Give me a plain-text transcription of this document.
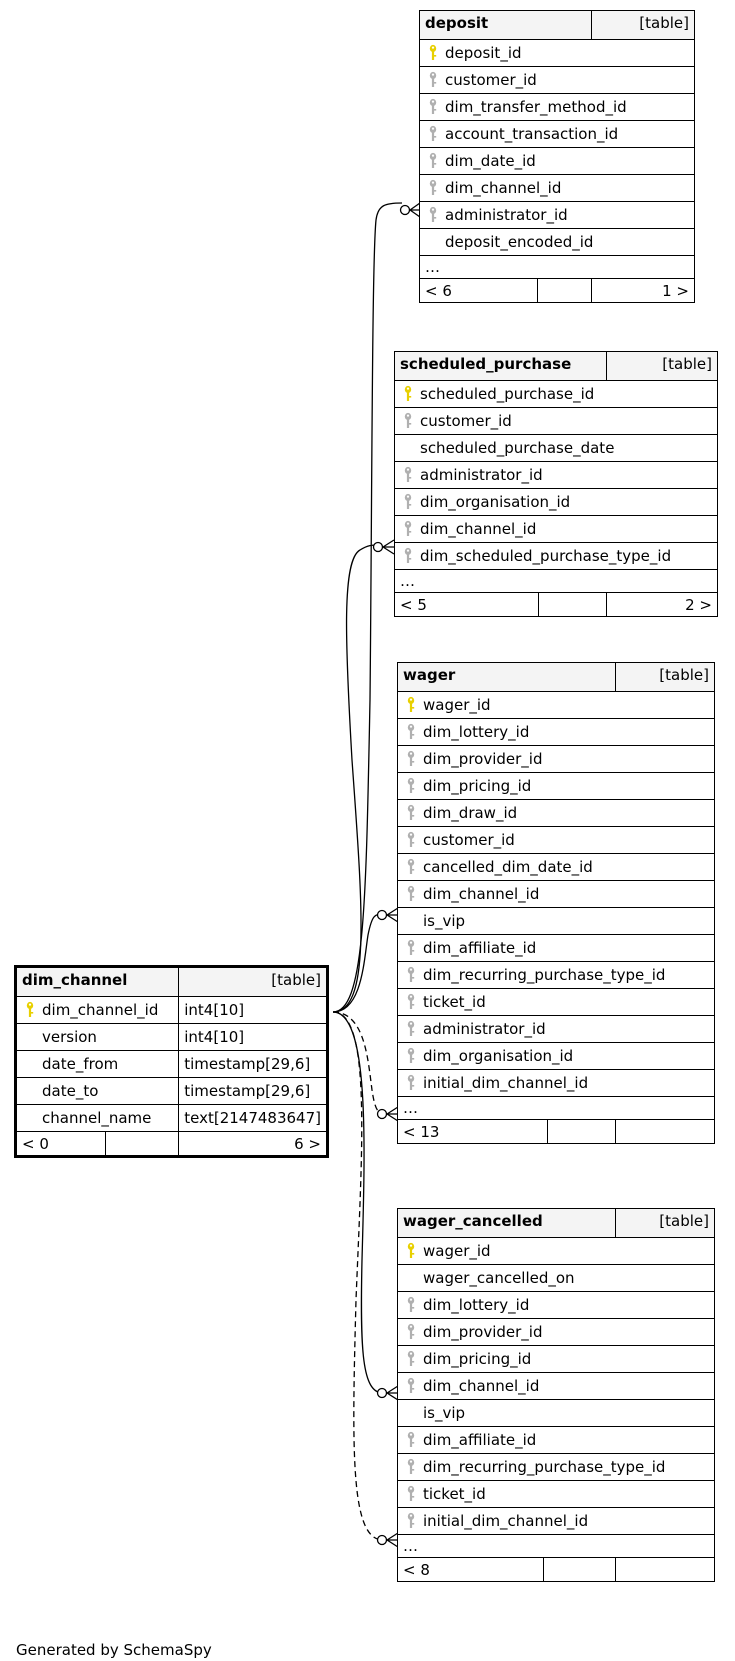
deposit		[table]

deposit_id		

customer_id		

dim_transfer_method_id		

account_transaction_id		

dim_date_id		

dim_channel_id		

administrator_id		
deposit_encoded_id		
…		
< 6		1 >
scheduled_purchase		[table]

scheduled_purchase_id		

customer_id		
scheduled_purchase_date		

administrator_id		

dim_organisation_id		

dim_channel_id		

dim_scheduled_purchase_type_id		
…		
< 5		2 >
wager		[table]

wager_id		

dim_lottery_id		

dim_provider_id		

dim_pricing_id		

dim_draw_id		

customer_id		

cancelled_dim_date_id		

dim_channel_id		
is_vip		

dim_affiliate_id		

dim_recurring_purchase_type_id		

ticket_id		

administrator_id		

dim_organisation_id		

initial_dim_channel_id		
…		
< 13		
wager_cancelled		[table]

wager_id		
wager_cancelled_on		

dim_lottery_id		

dim_provider_id		

dim_pricing_id		

dim_channel_id		
is_vip		

dim_affiliate_id		

dim_recurring_purchase_type_id		

ticket_id		

initial_dim_channel_id		
…		
< 8		
dim_channel		[table]

dim_channel_id		int4[10]
version		int4[10]
date_from		timestamp[29,6]
date_to		timestamp[29,6]
channel_name		text[2147483647]
< 0		6 >
Generated by SchemaSpy
